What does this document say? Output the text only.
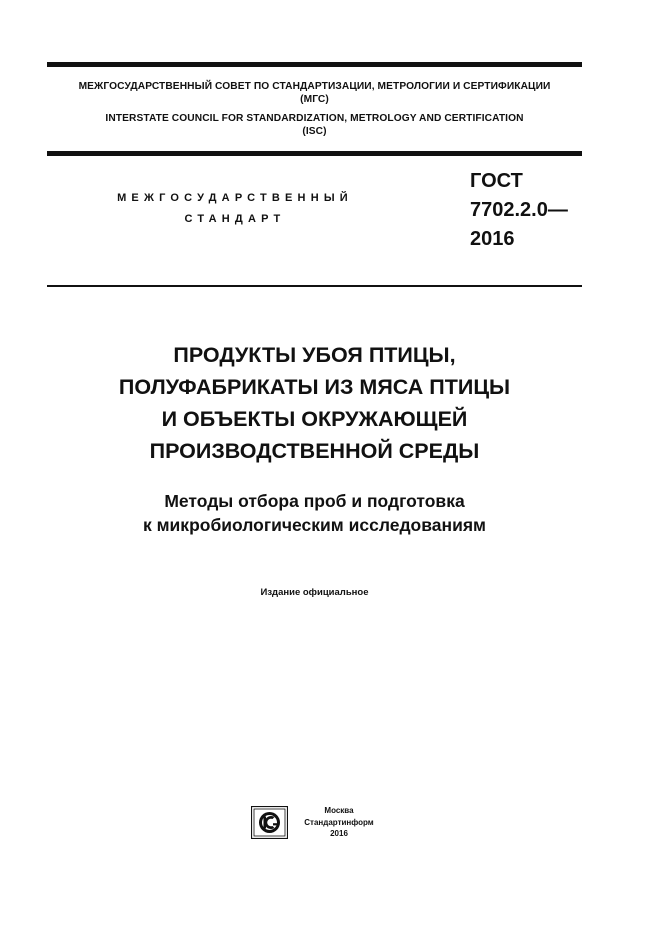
МЕЖГОСУДАРСТВЕННЫЙ СОВЕТ ПО СТАНДАРТИЗАЦИИ, МЕТРОЛОГИИ И СЕРТИФИКАЦИИ
(МГС)
INTERSTATE COUNCIL FOR STANDARDIZATION, METROLOGY AND CERTIFICATION
(ISC)
МЕЖГОСУДАРСТВЕННЫЙ
СТАНДАРТ
ГОСТ
7702.2.0—
2016
ПРОДУКТЫ УБОЯ ПТИЦЫ,
ПОЛУФАБРИКАТЫ ИЗ МЯСА ПТИЦЫ
И ОБЪЕКТЫ ОКРУЖАЮЩЕЙ
ПРОИЗВОДСТВЕННОЙ СРЕДЫ
Методы отбора проб и подготовка
к микробиологическим исследованиям
Издание официальное
Москва
Стандартинформ
2016
